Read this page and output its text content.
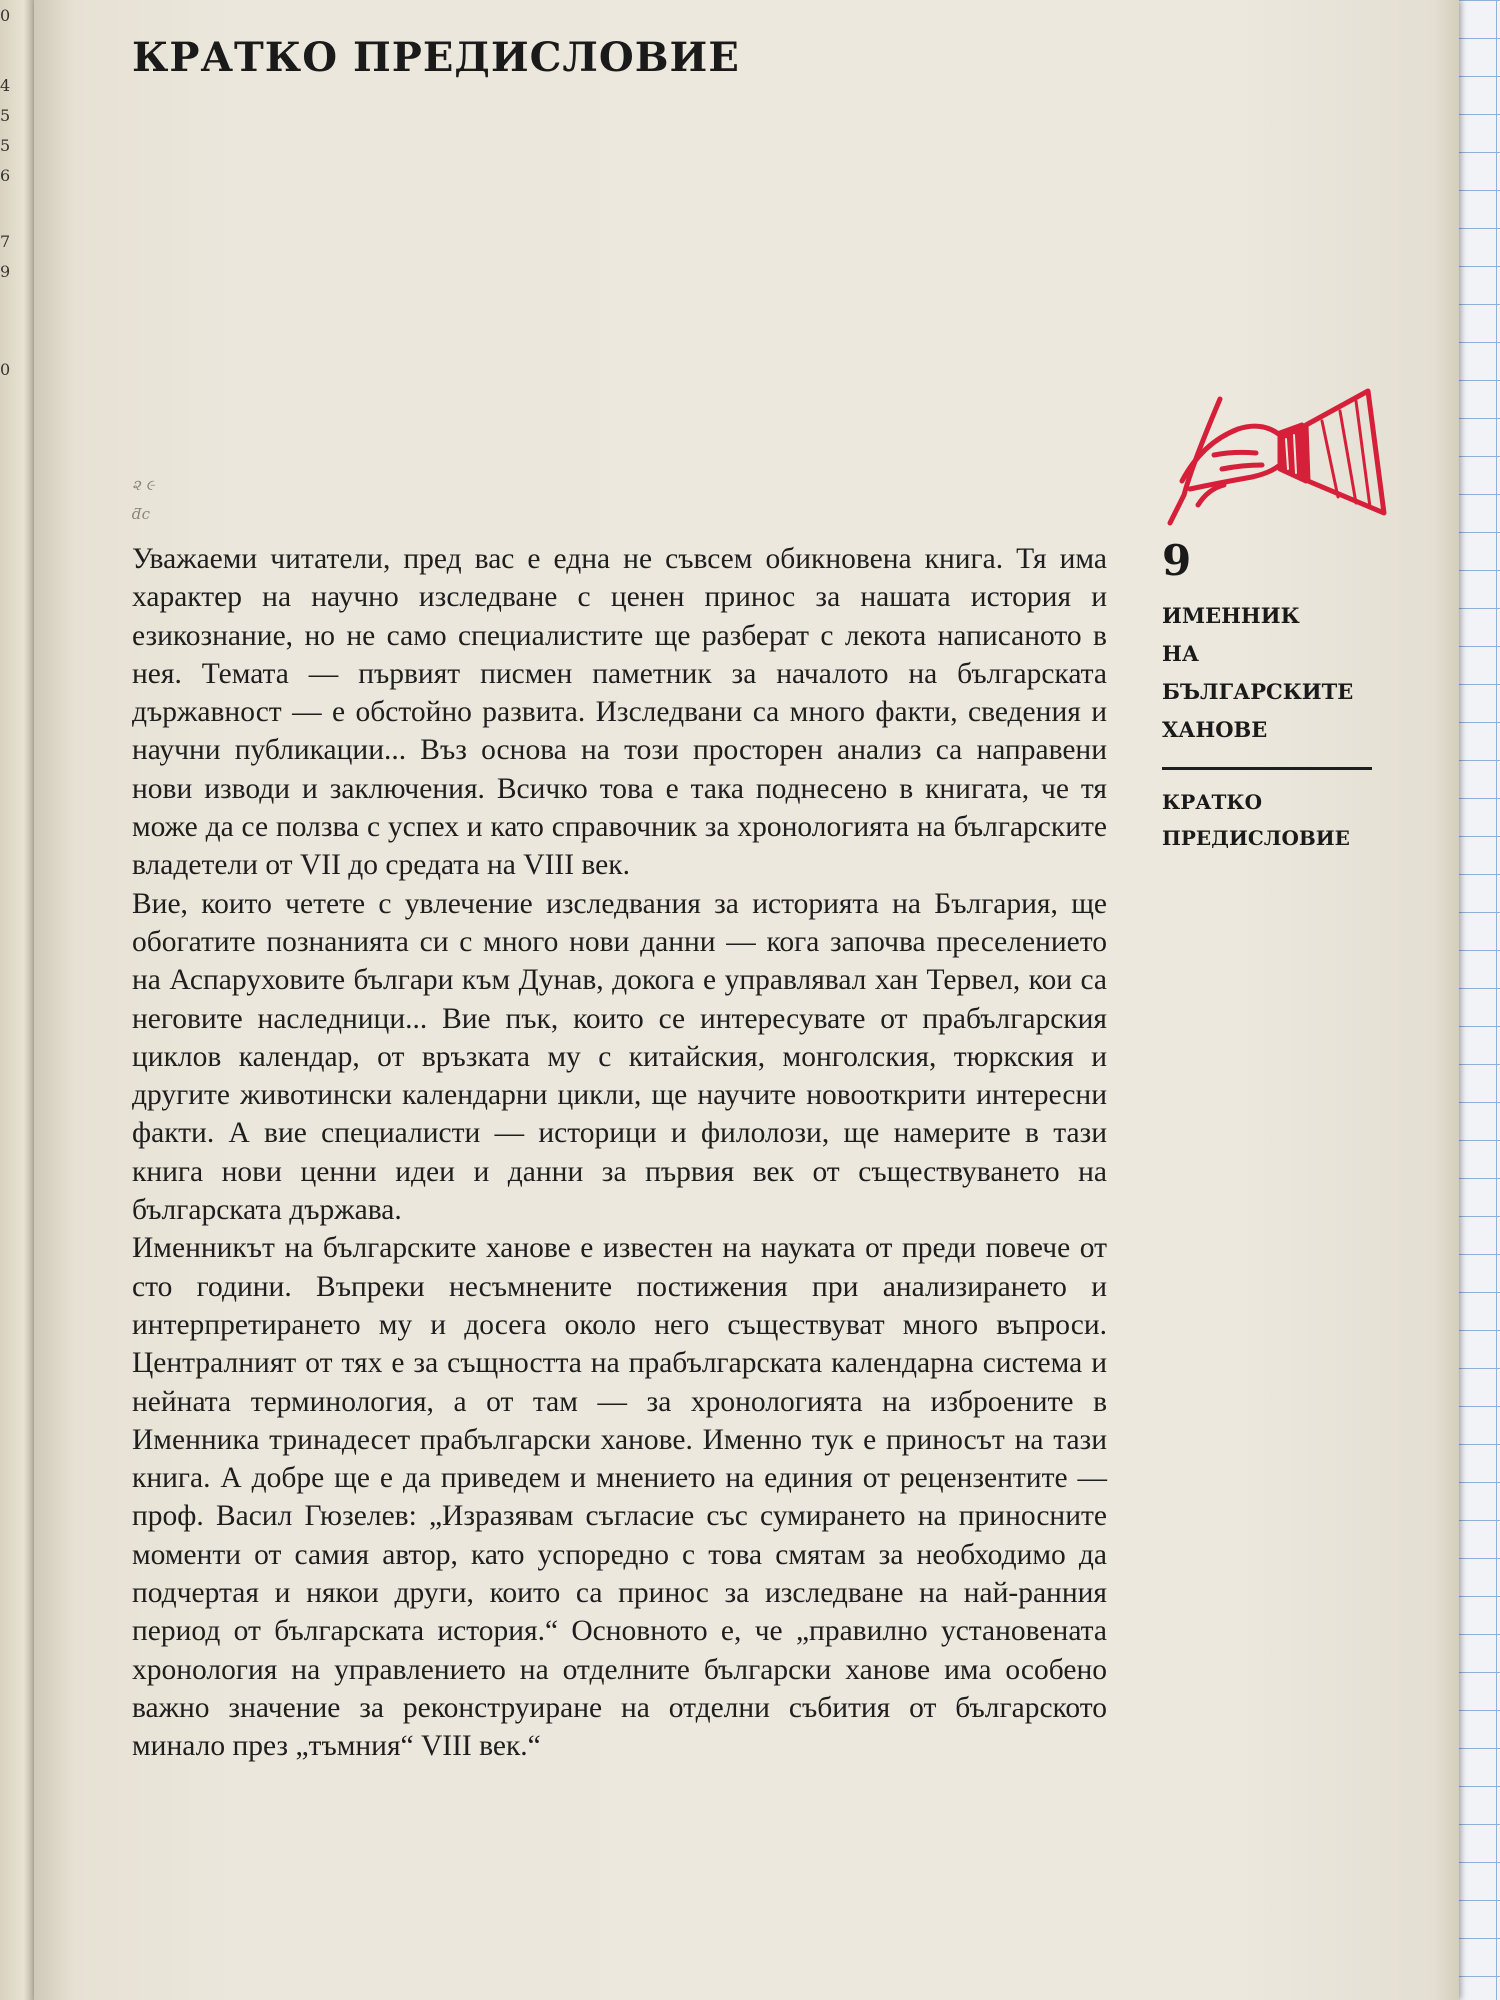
0
4
5
5
6
7
9
0
КРАТКО ПРЕДИСЛОВИЕ
૨ ૯
ƌc

Уважаеми читатели, пред вас е една не съвсем обикновена книга. Тя има характер на научно изследване с ценен принос за нашата история и езикознание, но не само специалистите ще разберат с лекота написаното в нея. Темата — първият писмен паметник за началото на българската държавност — е обстойно развита. Изследвани са много факти, сведения и научни публикации... Въз основа на този просторен анализ са направени нови изводи и заключения. Всичко това е така поднесено в книгата, че тя може да се ползва с успех и като справочник за хронологията на българските владетели от VII до средата на VIII век.

Вие, които четете с увлечение изследвания за историята на България, ще обогатите познанията си с много нови данни — кога започва преселението на Аспаруховите българи към Дунав, докога е управлявал хан Тервел, кои са неговите наследници... Вие пък, които се интересувате от прабългарския циклов календар, от връзката му с китайския, монголския, тюркския и другите животински календарни цикли, ще научите новооткрити интересни факти. А вие специалисти — историци и филолози, ще намерите в тази книга нови ценни идеи и данни за първия век от съществуването на българската държава.

Именникът на българските ханове е известен на науката от преди повече от сто години. Въпреки несъмнените постижения при анализирането и интерпретирането му и досега около него съществуват много въпроси. Централният от тях е за същността на прабългарската календарна система и нейната терминология, а от там — за хронологията на изброените в Именника тринадесет прабългарски ханове. Именно тук е приносът на тази книга. А добре ще е да приведем и мнението на единия от рецензентите — проф. Васил Гюзелев: „Изразявам съгласие със сумирането на приносните моменти от самия автор, като успоредно с това смятам за необходимо да подчертая и някои други, които са принос за изследване на най-ранния период от българската история.“ Основното е, че „правилно установената хронология на управлението на отделните български ханове има особено важно значение за реконструиране на отделни събития от българското минало през „тъмния“ VIII век.“

9

ИМЕННИК
НА
БЪЛГАРСКИТЕ
ХАНОВЕ
КРАТКО
ПРЕДИСЛОВИЕ
